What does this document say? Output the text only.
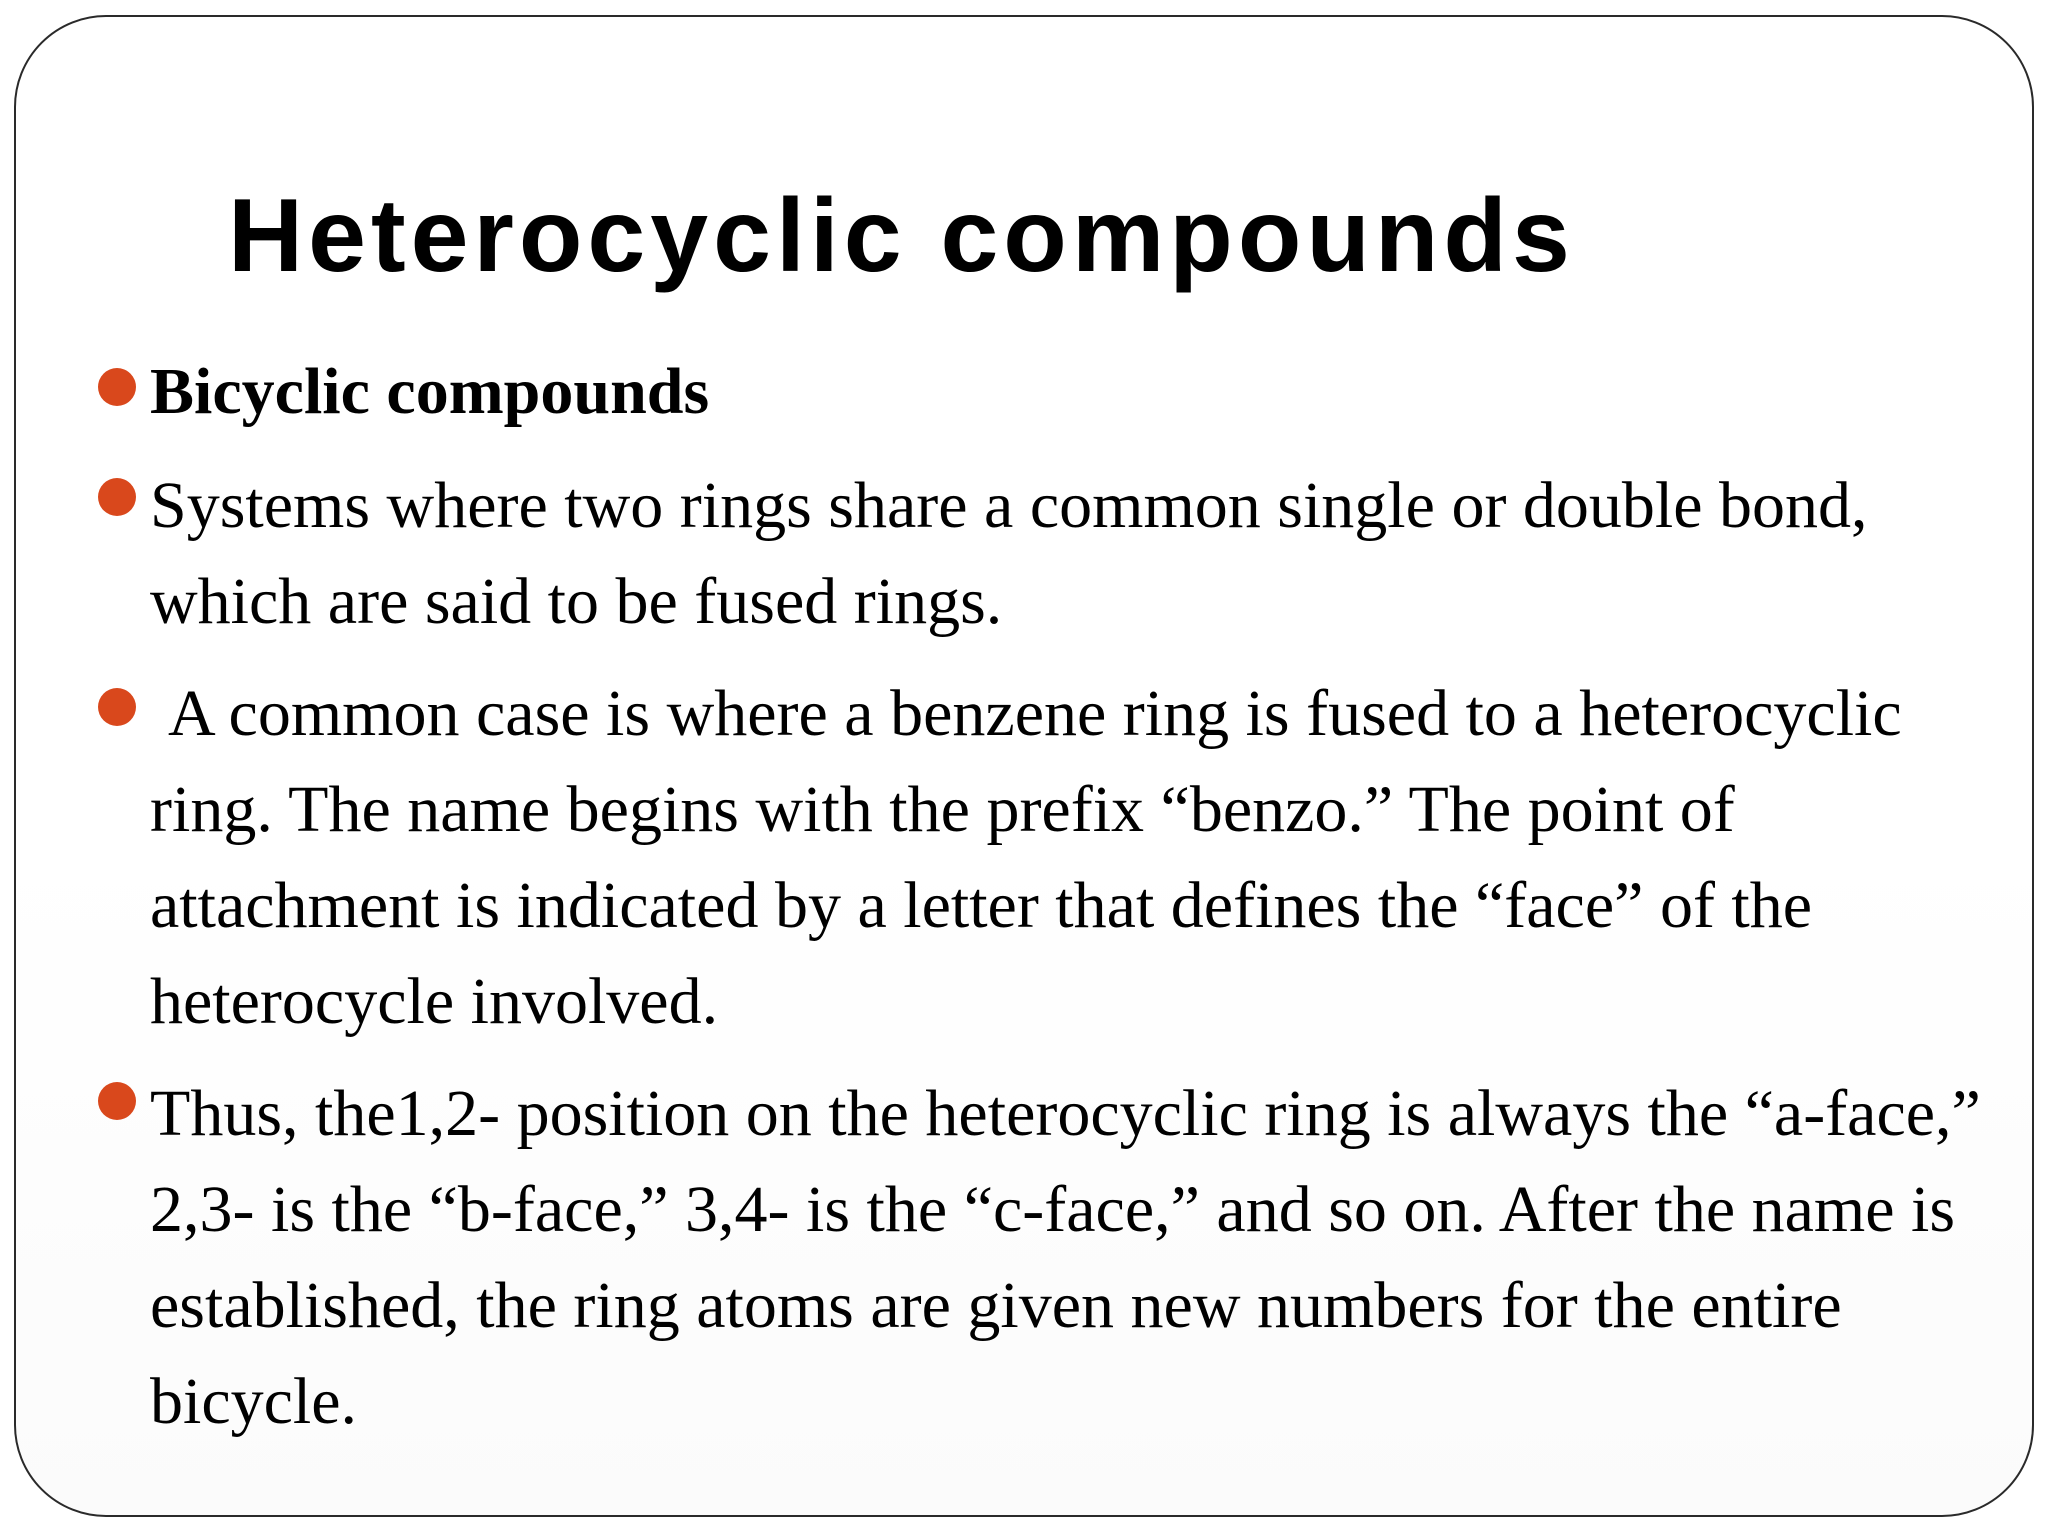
Heterocyclic compounds
Bicyclic compounds
Systems where two rings share a common single or double bond, which are said to be fused rings.
A common case is where a benzene ring is fused to a heterocyclic ring. The name begins with the prefix “benzo.” The point of attachment is indicated by a letter that defines the “face” of the heterocycle involved.
Thus, the1,2- position on the heterocyclic ring is always the “a-face,” 2,3- is the “b-face,” 3,4- is the “c-face,” and so on. After the name is established, the ring atoms are given new numbers for the entire bicycle.
